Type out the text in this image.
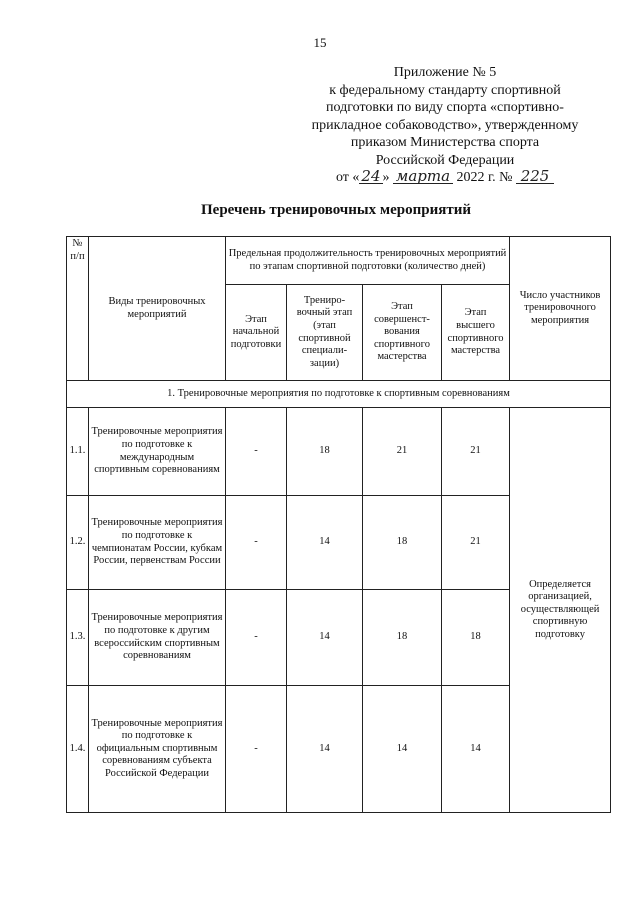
15
Приложение № 5
к федеральному стандарту спортивной
подготовки по виду спорта «спортивно-
прикладное собаководство», утвержденному
приказом Министерства спорта
Российской Федерации
от « 24 » марта 2022 г. № 225
Перечень тренировочных мероприятий
№ п/п	Виды тренировочных мероприятий	Предельная продолжительность тренировочных мероприятий по этапам спортивной подготовки (количество дней)				Число участников тренировочного мероприятия
		Этап начальной подготовки	Трениро-вочный этап (этап спортивной специали-зации)	Этап совершенст-вования спортивного мастерства	Этап высшего спортивного мастерства	
1. Тренировочные мероприятия по подготовке к спортивным соревнованиям						
1.1.	Тренировочные мероприятия по подготовке к международным спортивным соревнованиям	-	18	21	21	Определяется организацией, осуществляющей спортивную подготовку
1.2.	Тренировочные мероприятия по подготовке к чемпионатам России, кубкам России, первенствам России	-	14	18	21	
1.3.	Тренировочные мероприятия по подготовке к другим всероссийским спортивным соревнованиям	-	14	18	18	
1.4.	Тренировочные мероприятия по подготовке к официальным спортивным соревнованиям субъекта Российской Федерации	-	14	14	14	
